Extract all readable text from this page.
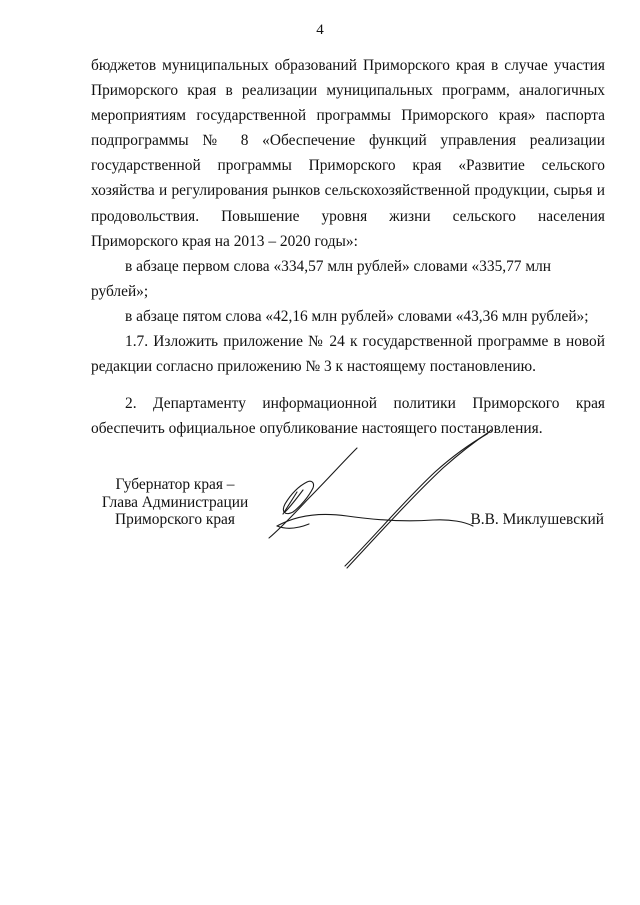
4

бюджетов муниципальных образований Приморского края в случае участия Приморского края в реализации муниципальных программ, аналогичных мероприятиям государственной программы Приморского края» паспорта подпрограммы № 8 «Обеспечение функций управления реализации государственной программы Приморского края «Развитие сельского хозяйства и регулирования рынков сельскохозяйственной продукции, сырья и продовольствия. Повышение уровня жизни сельского населения Приморского края на 2013 – 2020 годы»:

в абзаце первом слова «334,57 млн рублей» словами «335,77 млн рублей»;

в абзаце пятом слова «42,16 млн рублей» словами «43,36 млн рублей»;

1.7. Изложить приложение № 24 к государственной программе в новой редакции согласно приложению № 3 к настоящему постановлению.

2. Департаменту информационной политики Приморского края обеспечить официальное опубликование настоящего постановления.

Губернатор края –
Глава Администрации
Приморского края	В.В. Миклушевский
